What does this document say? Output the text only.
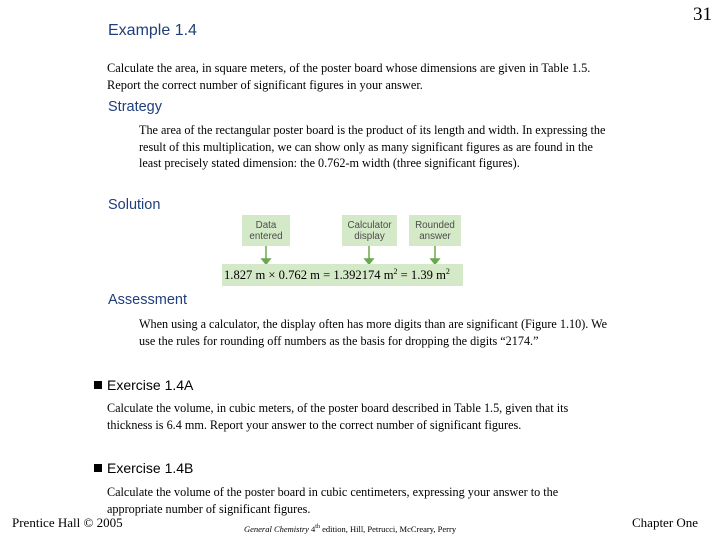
31
Example 1.4
Calculate the area, in square meters, of the poster board whose dimensions are given in Table 1.5. Report the correct number of significant figures in your answer.
Strategy
The area of the rectangular poster board is the product of its length and width. In expressing the result of this multiplication, we can show only as many significant figures as are found in the least precisely stated dimension: the 0.762-m width (three significant figures).
Solution
Data entered
Calculator display
Rounded answer
1.827 m × 0.762 m = 1.392174 $m^2 = 1.39$ $m^2$
Assessment
When using a calculator, the display often has more digits than are significant (Figure 1.10). We use the rules for rounding off numbers as the basis for dropping the digits “2174.”
Exercise 1.4A
Calculate the volume, in cubic meters, of the poster board described in Table 1.5, given that its thickness is 6.4 mm. Report your answer to the correct number of significant figures.
Exercise 1.4B
Calculate the volume of the poster board in cubic centimeters, expressing your answer to the appropriate number of significant figures.
Prentice Hall © 2005	General Chemistry 4th edition, Hill, Petrucci, McCreary, Perry	Chapter One
